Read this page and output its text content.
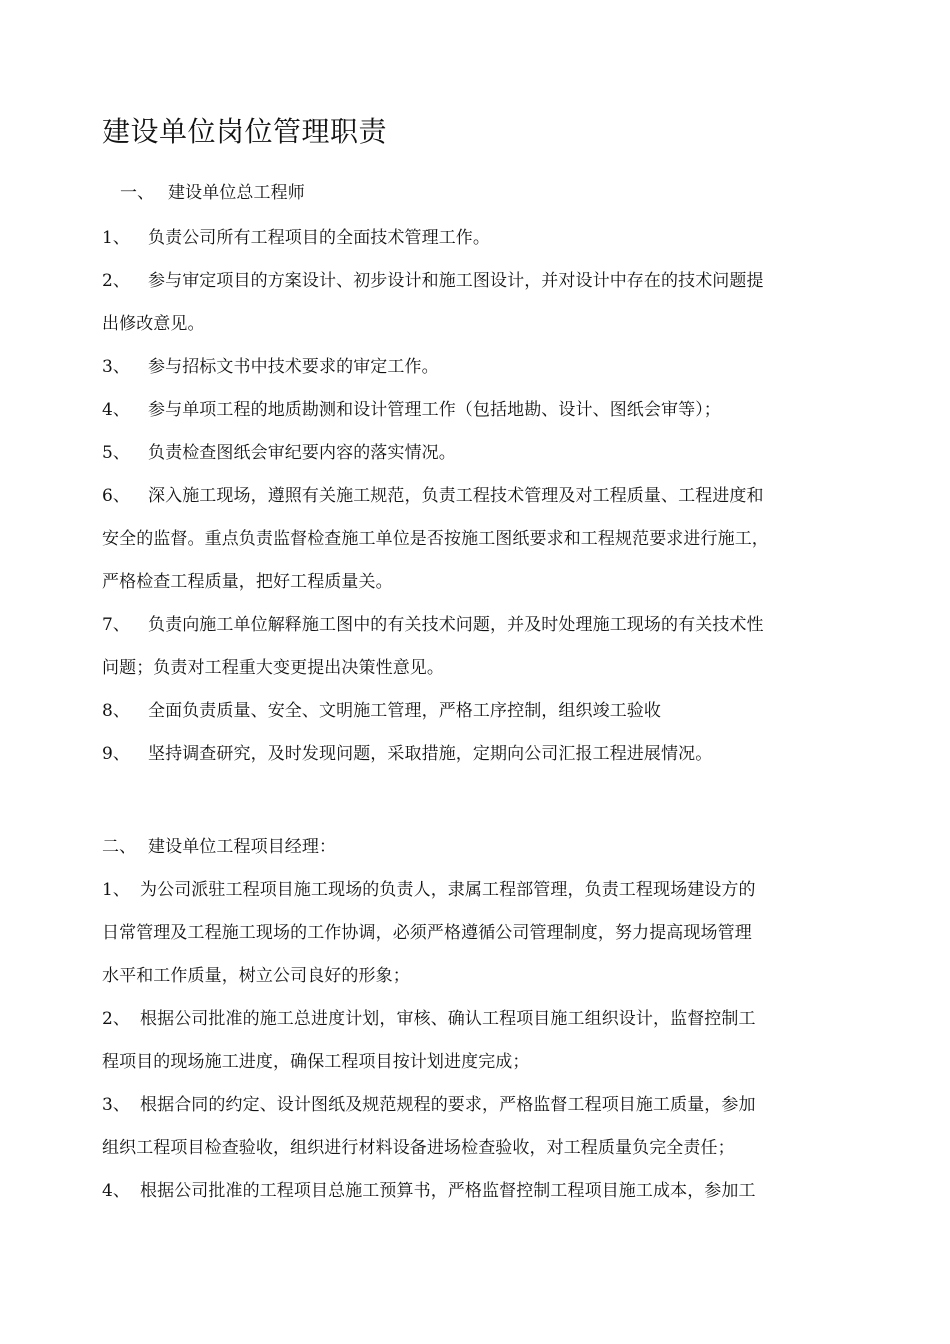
建设单位岗位管理职责
一、 建设单位总工程师
1、 负责公司所有工程项目的全面技术管理工作。
2、 参与审定项目的方案设计、初步设计和施工图设计，并对设计中存在的技术问题提
出修改意见。
3、 参与招标文书中技术要求的审定工作。
4、 参与单项工程的地质勘测和设计管理工作（包括地勘、设计、图纸会审等）；
5、 负责检查图纸会审纪要内容的落实情况。
6、 深入施工现场，遵照有关施工规范，负责工程技术管理及对工程质量、工程进度和
安全的监督。重点负责监督检查施工单位是否按施工图纸要求和工程规范要求进行施工，
严格检查工程质量，把好工程质量关。
7、 负责向施工单位解释施工图中的有关技术问题，并及时处理施工现场的有关技术性
问题；负责对工程重大变更提出决策性意见。
8、 全面负责质量、安全、文明施工管理，严格工序控制，组织竣工验收
9、 坚持调查研究，及时发现问题，采取措施，定期向公司汇报工程进展情况。
二、 建设单位工程项目经理：
1、 为公司派驻工程项目施工现场的负责人，隶属工程部管理，负责工程现场建设方的
日常管理及工程施工现场的工作协调，必须严格遵循公司管理制度，努力提高现场管理
水平和工作质量，树立公司良好的形象；
2、 根据公司批准的施工总进度计划，审核、确认工程项目施工组织设计，监督控制工
程项目的现场施工进度，确保工程项目按计划进度完成；
3、 根据合同的约定、设计图纸及规范规程的要求，严格监督工程项目施工质量，参加
组织工程项目检查验收，组织进行材料设备进场检查验收，对工程质量负完全责任；
4、 根据公司批准的工程项目总施工预算书，严格监督控制工程项目施工成本，参加工
